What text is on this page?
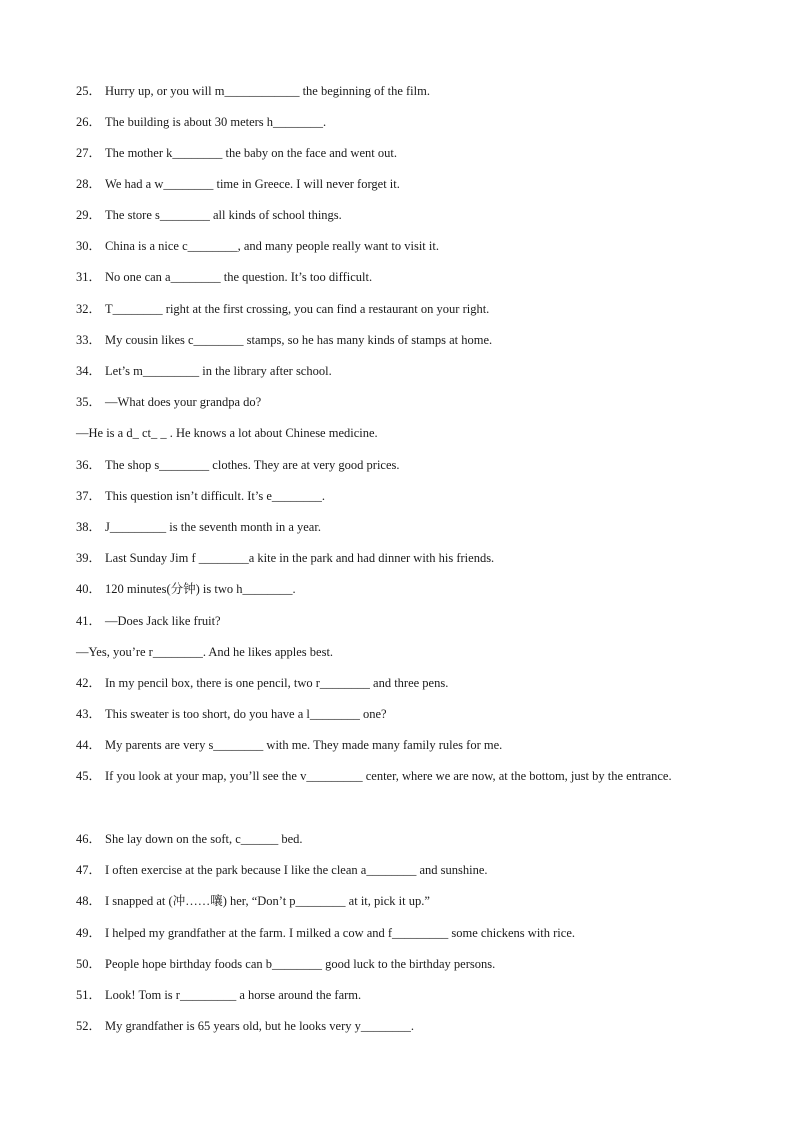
25． Hurry up, or you will m____________ the beginning of the film.
26． The building is about 30 meters h________.
27． The mother k________ the baby on the face and went out.
28． We had a w________ time in Greece. I will never forget it.
29． The store s________ all kinds of school things.
30． China is a nice c________, and many people really want to visit it.
31． No one can a________ the question. It’s too difficult.
32． T________ right at the first crossing, you can find a restaurant on your right.
33． My cousin likes c________ stamps, so he has many kinds of stamps at home.
34． Let’s m_________ in the library after school.
35． —What does your grandpa do?
—He is a d_ ct_ _ . He knows a lot about Chinese medicine.
36． The shop s________ clothes. They are at very good prices.
37． This question isn’t difficult. It’s e________.
38． J_________ is the seventh month in a year.
39． Last Sunday Jim f ________a kite in the park and had dinner with his friends.
40． 120 minutes(分钟) is two h________.
41． —Does Jack like fruit?
—Yes, you’re r________. And he likes apples best.
42． In my pencil box, there is one pencil, two r________ and three pens.
43． This sweater is too short, do you have a l________ one?
44． My parents are very s________ with me. They made many family rules for me.
45． If you look at your map, you’ll see the v_________ center, where we are now, at the bottom, just by the entrance.
46． She lay down on the soft, c______ bed.
47． I often exercise at the park because I like the clean a________ and sunshine.
48． I snapped at (冲……嚷) her, “Don’t p________ at it, pick it up.”
49． I helped my grandfather at the farm. I milked a cow and f_________ some chickens with rice.
50． People hope birthday foods can b________ good luck to the birthday persons.
51． Look! Tom is r_________ a horse around the farm.
52． My grandfather is 65 years old, but he looks very y________.
